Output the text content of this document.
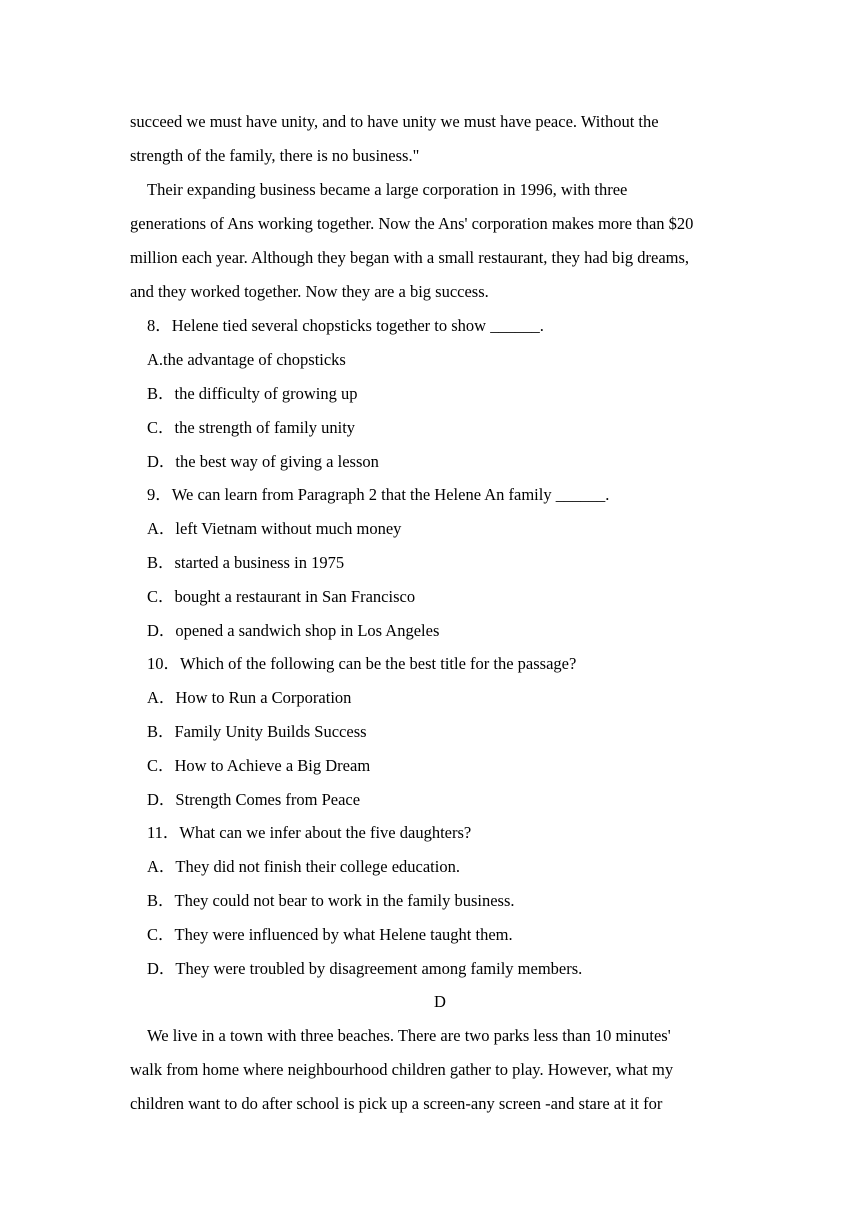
succeed we must have unity, and to have unity we must have peace. Without the
strength of the family, there is no business."
Their expanding business became a large corporation in 1996, with three
generations of Ans working together. Now the Ans' corporation makes more than $20
million each year. Although they began with a small restaurant, they had big dreams,
and they worked together. Now they are a big success.
8．Helene tied several chopsticks together to show ______.
A.the advantage of chopsticks
B．the difficulty of growing up
C．the strength of family unity
D．the best way of giving a lesson
9．We can learn from Paragraph 2 that the Helene An family ______.
A．left Vietnam without much money
B．started a business in 1975
C．bought a restaurant in San Francisco
D．opened a sandwich shop in Los Angeles
10．Which of the following can be the best title for the passage?
A．How to Run a Corporation
B．Family Unity Builds Success
C．How to Achieve a Big Dream
D．Strength Comes from Peace
11．What can we infer about the five daughters?
A．They did not finish their college education.
B．They could not bear to work in the family business.
C．They were influenced by what Helene taught them.
D．They were troubled by disagreement among family members.
D
We live in a town with three beaches. There are two parks less than 10 minutes'
walk from home where neighbourhood children gather to play. However, what my
children want to do after school is pick up a screen-any screen -and stare at it for
